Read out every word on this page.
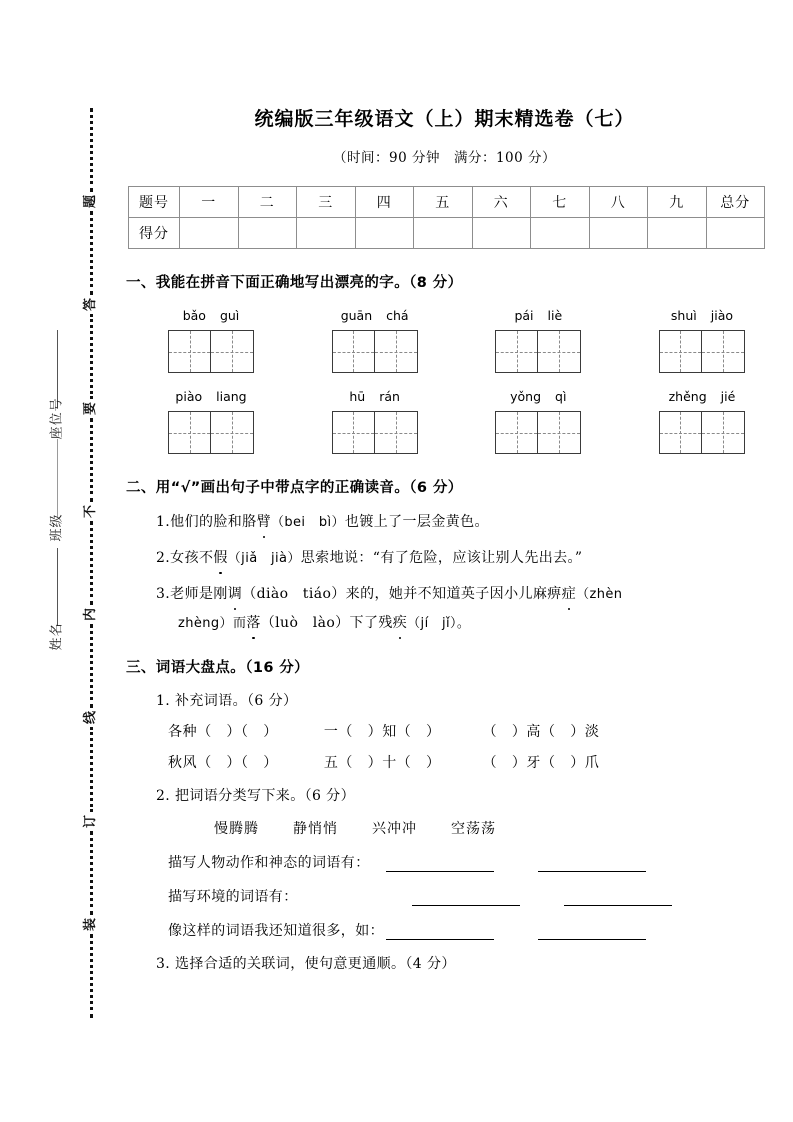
座位号
班级
姓名
题
答
要
不
内
线
订
装
统编版三年级语文（上）期末精选卷（七）
（时间：90 分钟　满分：100 分）
题号	一	二	三	四	五	六	七	八	九	总分
得分										
一、我能在拼音下面正确地写出漂亮的字。（8 分）
bǎo guì	guān chá	pái liè	shuì jiào
piào liang	hū rán	yǒng qì	zhěng jié
二、用“√”画出句子中带点字的正确读音。（6 分）
1.他们的脸和胳臂（bei　bì）也镀上了一层金黄色。
2.女孩不假（jiǎ　jià）思索地说：“有了危险，应该让别人先出去。”
3.老师是刚调（diào　tiáo）来的，她并不知道英子因小儿麻痹症（zhèn
zhèng）而落（luò　lào）下了残疾（jí　jǐ）。
三、词语大盘点。（16 分）
1. 补充词语。（6 分）
各种（　）（　）	一（　）知（　）	（　）高（　）淡
秋风（　）（　）	五（　）十（　）	（　）牙（　）爪
2. 把词语分类写下来。（6 分）
慢腾腾 静悄悄 兴冲冲 空荡荡
描写人物动作和神态的词语有：
描写环境的词语有：
像这样的词语我还知道很多，如：
3. 选择合适的关联词，使句意更通顺。（4 分）
